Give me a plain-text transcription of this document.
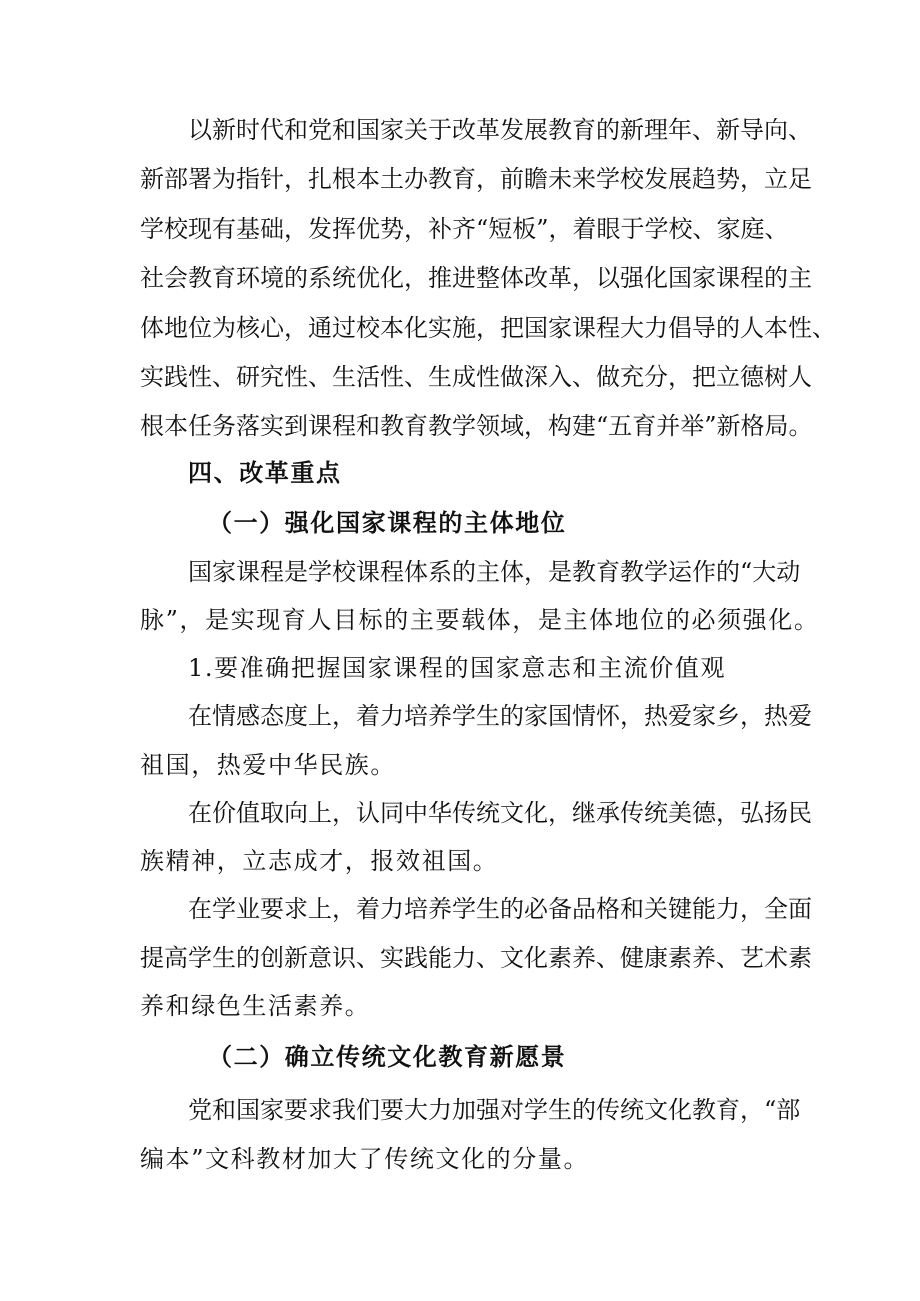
以新时代和党和国家关于改革发展教育的新理年、新导向、
新部署为指针，扎根本土办教育，前瞻未来学校发展趋势，立足
学校现有基础，发挥优势，补齐“短板”，着眼于学校、家庭、
社会教育环境的系统优化，推进整体改革，以强化国家课程的主
体地位为核心，通过校本化实施，把国家课程大力倡导的人本性、
实践性、研究性、生活性、生成性做深入、做充分，把立德树人
根本任务落实到课程和教育教学领域，构建“五育并举”新格局。
四、改革重点
（一）强化国家课程的主体地位
国家课程是学校课程体系的主体，是教育教学运作的“大动
脉”，是实现育人目标的主要载体，是主体地位的必须强化。
1.要准确把握国家课程的国家意志和主流价值观
在情感态度上，着力培养学生的家国情怀，热爱家乡，热爱
祖国，热爱中华民族。
在价值取向上，认同中华传统文化，继承传统美德，弘扬民
族精神，立志成才，报效祖国。
在学业要求上，着力培养学生的必备品格和关键能力，全面
提高学生的创新意识、实践能力、文化素养、健康素养、艺术素
养和绿色生活素养。
（二）确立传统文化教育新愿景
党和国家要求我们要大力加强对学生的传统文化教育，“部
编本”文科教材加大了传统文化的分量。
